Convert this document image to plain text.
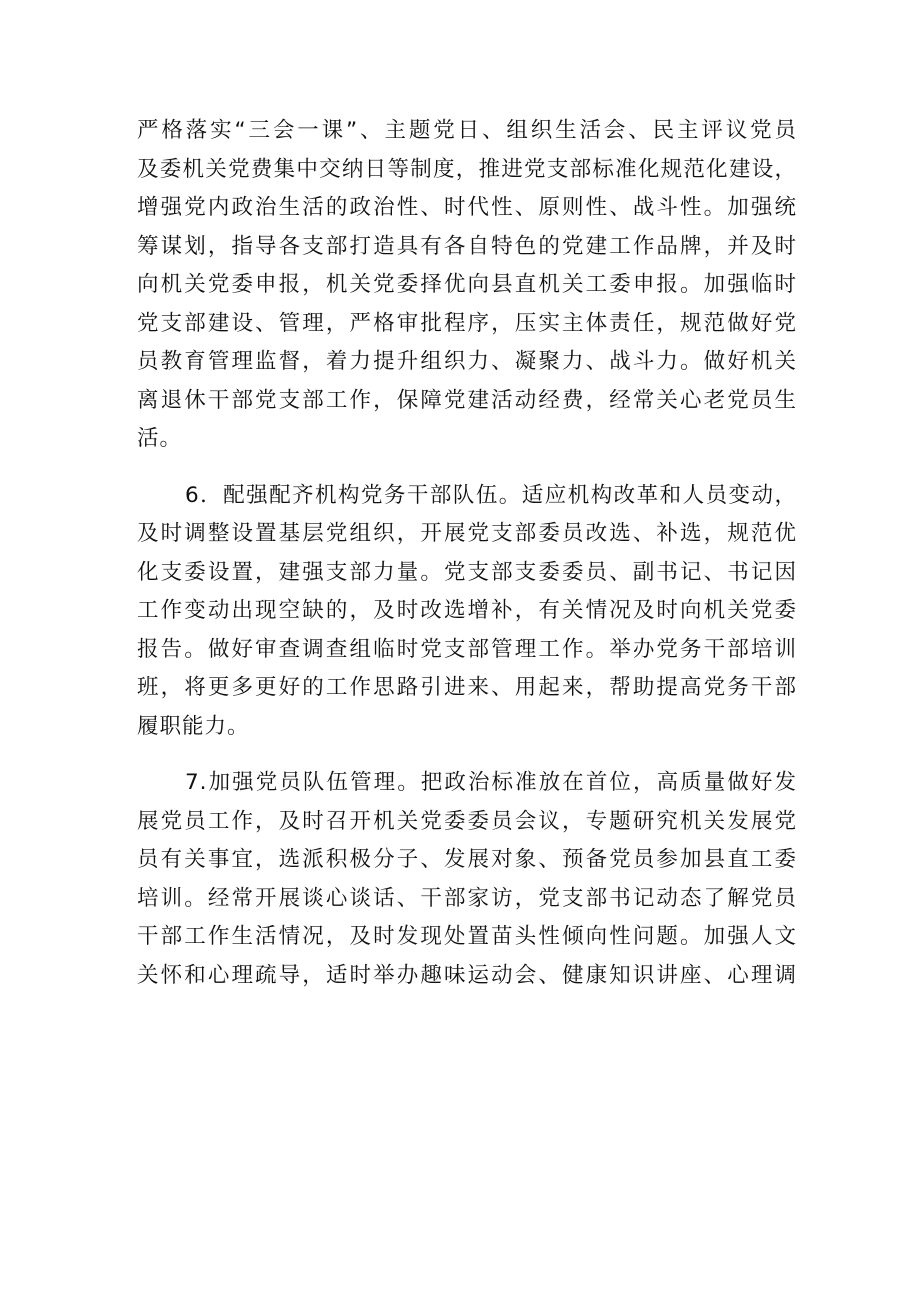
严格落实“三会一课”、主题党日、组织生活会、民主评议党员
及委机关党费集中交纳日等制度，推进党支部标准化规范化建设，
增强党内政治生活的政治性、时代性、原则性、战斗性。加强统
筹谋划，指导各支部打造具有各自特色的党建工作品牌，并及时
向机关党委申报，机关党委择优向县直机关工委申报。加强临时
党支部建设、管理，严格审批程序，压实主体责任，规范做好党
员教育管理监督，着力提升组织力、凝聚力、战斗力。做好机关
离退休干部党支部工作，保障党建活动经费，经常关心老党员生
活。
6．配强配齐机构党务干部队伍。适应机构改革和人员变动，
及时调整设置基层党组织，开展党支部委员改选、补选，规范优
化支委设置，建强支部力量。党支部支委委员、副书记、书记因
工作变动出现空缺的，及时改选增补，有关情况及时向机关党委
报告。做好审查调查组临时党支部管理工作。举办党务干部培训
班，将更多更好的工作思路引进来、用起来，帮助提高党务干部
履职能力。
7.加强党员队伍管理。把政治标准放在首位，高质量做好发
展党员工作，及时召开机关党委委员会议，专题研究机关发展党
员有关事宜，选派积极分子、发展对象、预备党员参加县直工委
培训。经常开展谈心谈话、干部家访，党支部书记动态了解党员
干部工作生活情况，及时发现处置苗头性倾向性问题。加强人文
关怀和心理疏导，适时举办趣味运动会、健康知识讲座、心理调
